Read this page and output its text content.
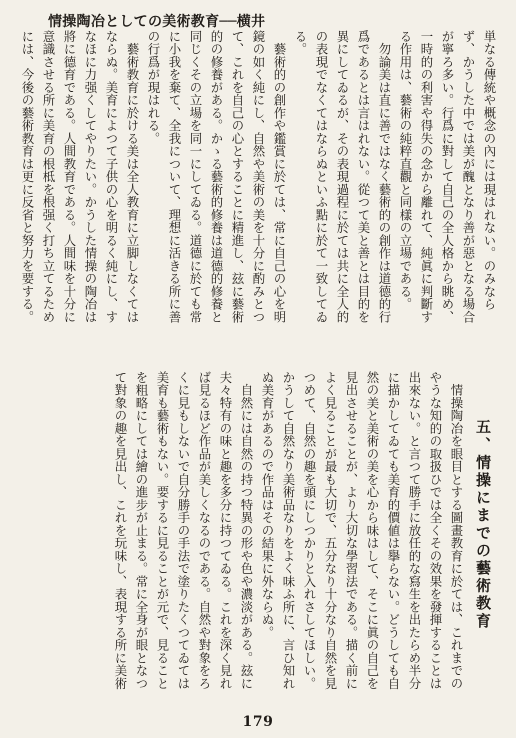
情操陶冶としての美術教育──横井
単なる傳統や概念の內には現はれない。のみならず、かうした中では美が醜となり善が惡となる場合が寧ろ多い。行爲に對して自己の全人格から眺め、一時的の利害や得失の念から離れて、純眞に判斷する作用は、藝術の純粹直觀と同樣の立場である。
勿論美は直に善ではなく藝術的の創作は道德的行爲であるとは言はれない。從つて美と善とは目的を異にしてゐるが、その表現過程に於ては共に全人的の表現でなくてはならぬといふ點に於て一致してゐる。
藝術的の創作や鑑賞に於ては、常に自己の心を明鏡の如く純にし、自然や美術の美を十分に酌みとつて、これを自己の心とすることに精進し、玆に藝術的の修養がある。かゝる藝術的修養は道德的修養と同じくその立場を同一にしてゐる。道德に於ても常に小我を棄て、全我について、理想に活きる所に善の行爲が現はれる。
藝術教育に於ける美は全人教育に立脚しなくてはならぬ。美育によつて子供の心を明るく純にし、すなほに力强くしてやりたい。かうした情操の陶冶は將に德育である。人間教育である。人間味を十分に意識させる所に美育の根柢を根强く打ち立てるためには、今後の藝術教育は更に反省と努力を要する。
五、情操にまでの藝術教育
情操陶冶を眼目とする圖畫教育に於ては、これまでのやうな知的の取扱ひでは全くその效果を發揮することは出來ない。と言つて勝手に放任的な寫生を出たらめ半分に描かしてゐても美育的價値は擧らない。どうしても自然の美と美術の美を心から味はして、そこに眞の自己を見出させることが、より大切な學習法である。描く前によく見ることが最も大切で、五分なり十分なり自然を見つめて、自然の趣を頭にしつかりと入れさしてほしい。かうして自然なり美術品なりをよく味ふ所に、言ひ知れぬ美育があるので作品はその結果に外ならぬ。
自然には自然の持つ特異の形や色や濃淡がある。玆に夫々特有の味と趣を多分に持つてゐる。これを深く見れば見るほど作品が美しくなるのである。自然や對象をろくに見もしないで自分勝手の手法で塗りたくつてゐては美育も藝術もない。要するに見ることが元で、見ることを粗略にしては繪の進步が止まる。常に全身が眼となつて對象の趣を見出し、これを玩味し、表現する所に美術
179
